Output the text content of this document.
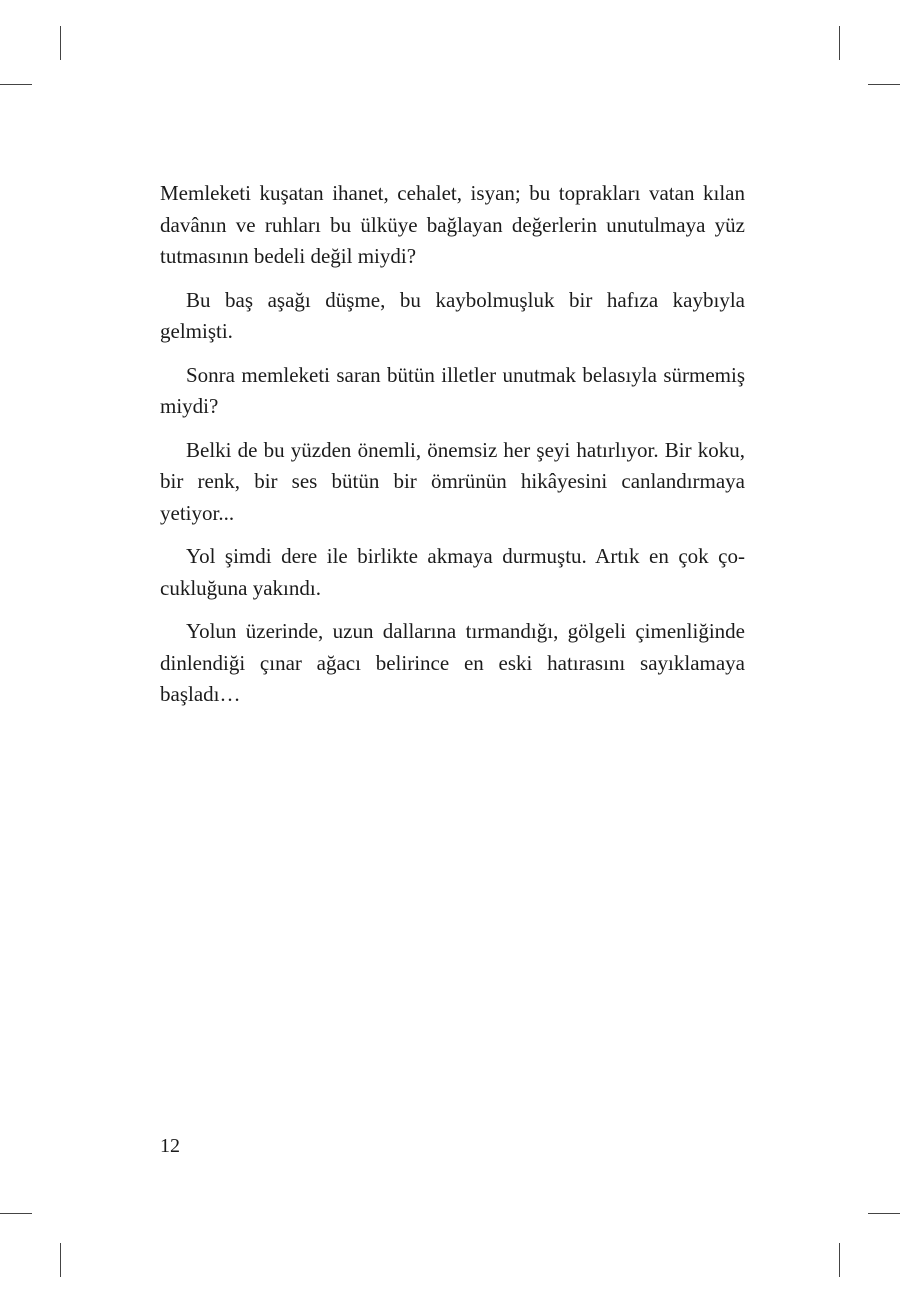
Memleketi kuşatan ihanet, cehalet, isyan; bu toprakları vatan kılan davânın ve ruhları bu ülküye bağlayan değerlerin unutulmaya yüz tutmasının bedeli değil miydi?

Bu baş aşağı düşme, bu kaybolmuşluk bir hafıza kaybıyla gelmişti.

Sonra memleketi saran bütün illetler unutmak belasıyla sürmemiş miydi?

Belki de bu yüzden önemli, önemsiz her şeyi hatırlıyor. Bir koku, bir renk, bir ses bütün bir ömrünün hikâyesini canlandırmaya yetiyor...

Yol şimdi dere ile birlikte akmaya durmuştu. Artık en çok çocukluğuna yakındı.

Yolun üzerinde, uzun dallarına tırmandığı, gölgeli çimenliğinde dinlendiği çınar ağacı belirince en eski hatırasını sayıklamaya başladı…

12
